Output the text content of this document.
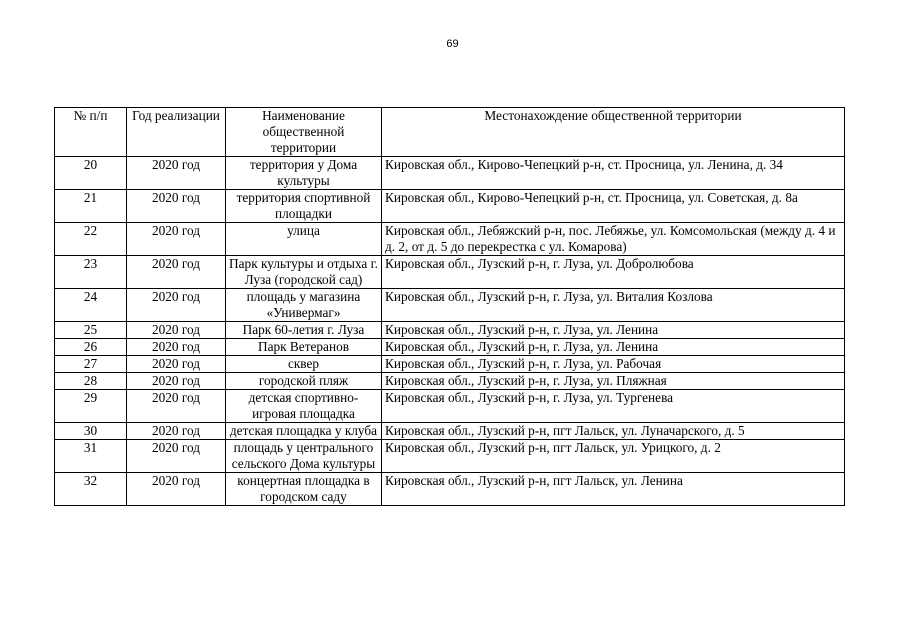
69
№ п/п	Год реализации	Наименование общественной территории	Местонахождение общественной территории
20	2020 год	территория у Дома культуры	Кировская обл., Кирово-Чепецкий р-н, ст. Просница, ул. Ленина, д. 34
21	2020 год	территория спортивной площадки	Кировская обл., Кирово-Чепецкий р-н, ст. Просница, ул. Советская, д. 8а
22	2020 год	улица	Кировская обл., Лебяжский р-н, пос. Лебяжье, ул. Комсомольская (между д. 4 и д. 2, от д. 5 до перекрестка с ул. Комарова)
23	2020 год	Парк культуры и отдыха г. Луза (городской сад)	Кировская обл., Лузский р-н, г. Луза, ул. Добролюбова
24	2020 год	площадь у магазина «Универмаг»	Кировская обл., Лузский р-н, г. Луза, ул. Виталия Козлова
25	2020 год	Парк 60-летия г. Луза	Кировская обл., Лузский р-н, г. Луза, ул. Ленина
26	2020 год	Парк Ветеранов	Кировская обл., Лузский р-н, г. Луза, ул. Ленина
27	2020 год	сквер	Кировская обл., Лузский р-н, г. Луза, ул. Рабочая
28	2020 год	городской пляж	Кировская обл., Лузский р-н, г. Луза, ул. Пляжная
29	2020 год	детская спортивно-игровая площадка	Кировская обл., Лузский р-н, г. Луза, ул. Тургенева
30	2020 год	детская площадка у клуба	Кировская обл., Лузский р-н, пгт Лальск, ул. Луначарского, д. 5
31	2020 год	площадь у центрального сельского Дома культуры	Кировская обл., Лузский р-н, пгт Лальск, ул. Урицкого, д. 2
32	2020 год	концертная площадка в городском саду	Кировская обл., Лузский р-н, пгт Лальск, ул. Ленина
